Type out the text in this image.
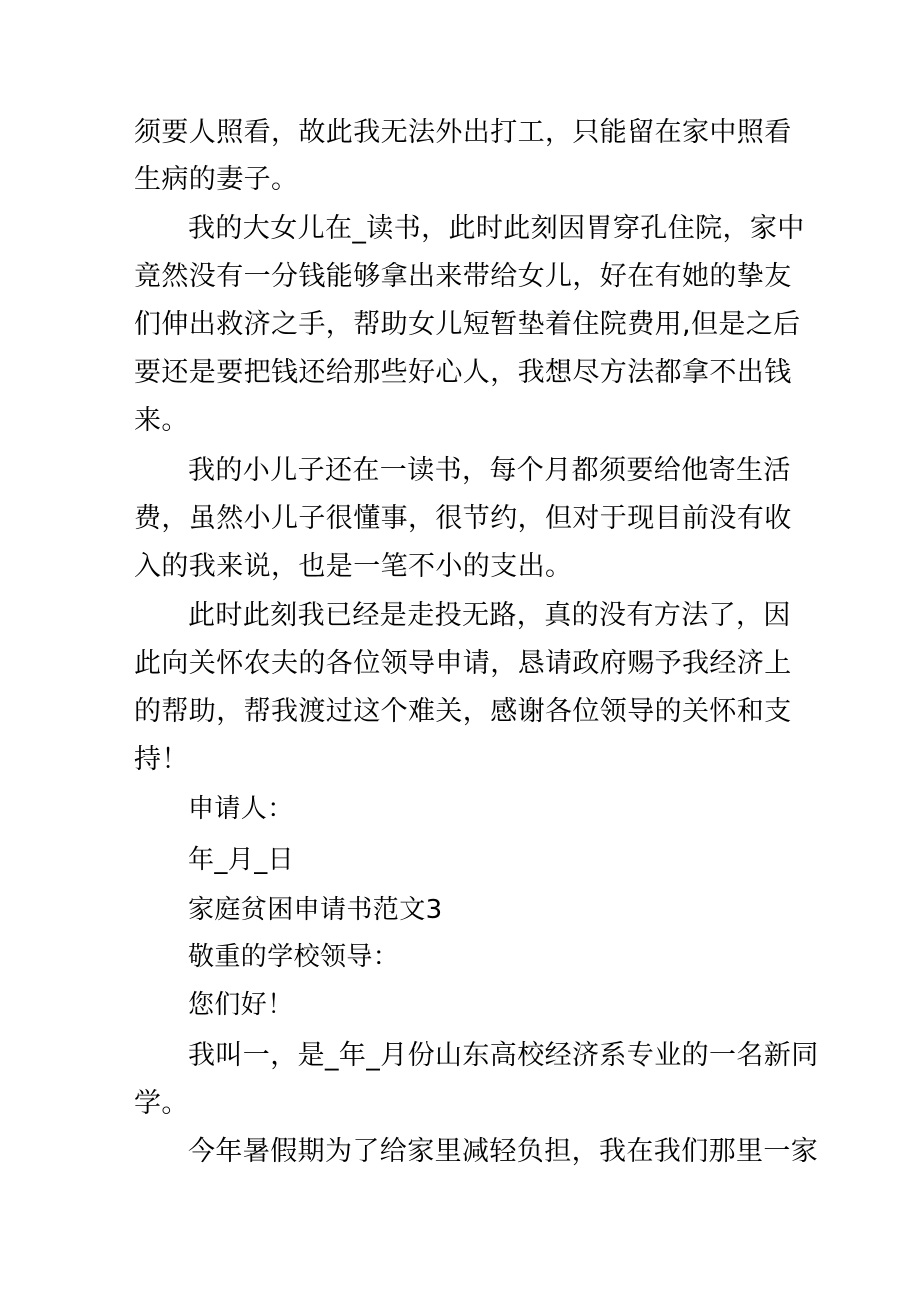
须要人照看，故此我无法外出打工，只能留在家中照看
生病的妻子。
我的大女儿在_读书，此时此刻因胃穿孔住院，家中
竟然没有一分钱能够拿出来带给女儿，好在有她的挚友
们伸出救济之手，帮助女儿短暂垫着住院费用,但是之后
要还是要把钱还给那些好心人，我想尽方法都拿不出钱
来。
我的小儿子还在一读书，每个月都须要给他寄生活
费，虽然小儿子很懂事，很节约，但对于现目前没有收
入的我来说，也是一笔不小的支出。
此时此刻我已经是走投无路，真的没有方法了，因
此向关怀农夫的各位领导申请，恳请政府赐予我经济上
的帮助，帮我渡过这个难关，感谢各位领导的关怀和支
持！
申请人：
年_月_日
家庭贫困申请书范文3
敬重的学校领导：
您们好！
我叫一，是_年_月份山东高校经济系专业的一名新同
学。
今年暑假期为了给家里减轻负担，我在我们那里一家
